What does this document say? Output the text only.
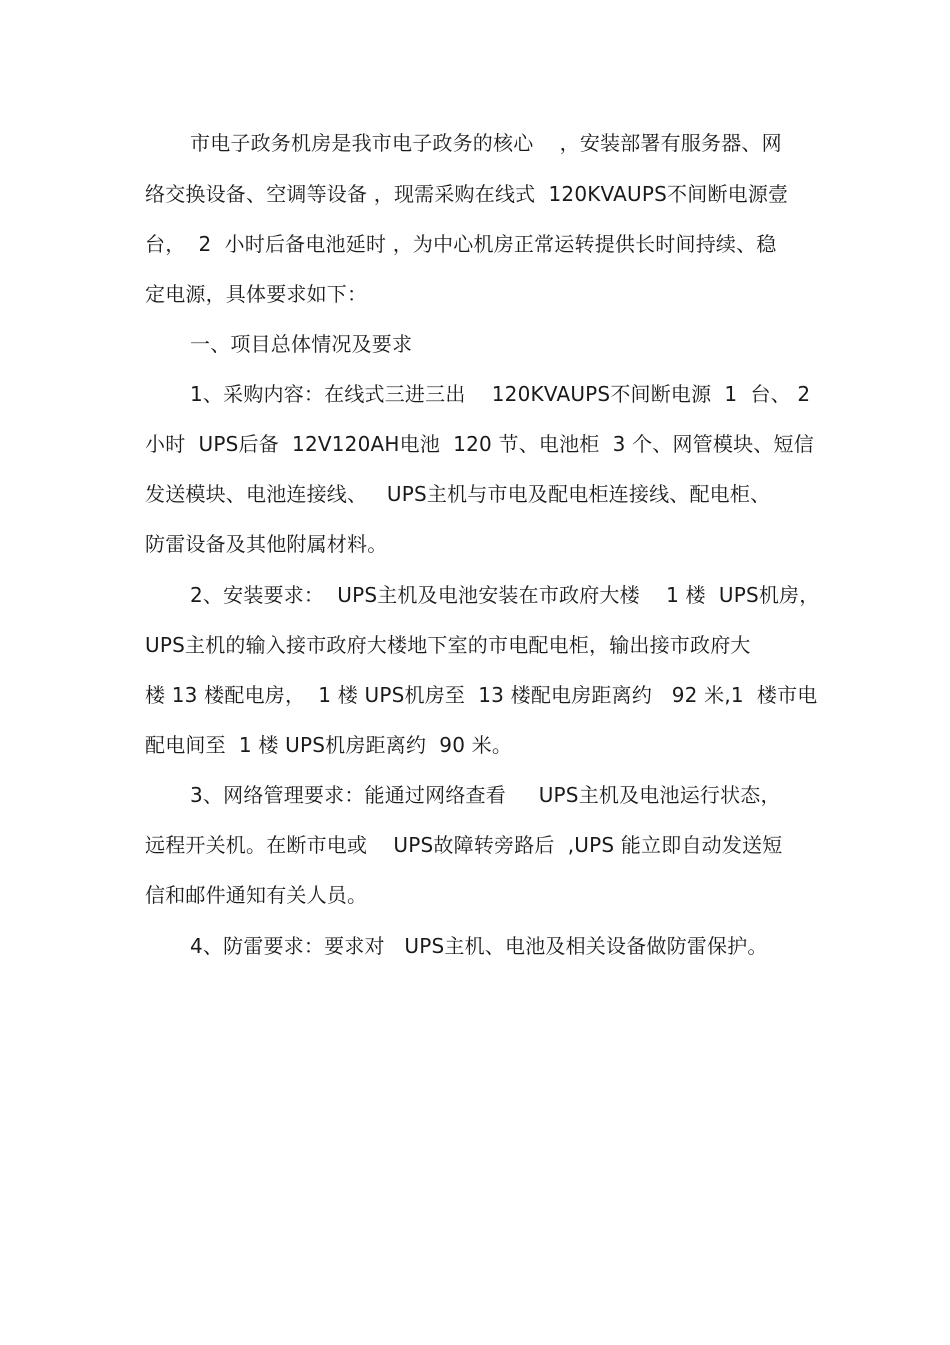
市电子政务机房是我市电子政务的核心    ，安装部署有服务器、网
络交换设备、空调等设备 ，现需采购在线式  120KVAUPS不间断电源壹
台，  2  小时后备电池延时 ，为中心机房正常运转提供长时间持续、稳
定电源，具体要求如下：
一、项目总体情况及要求
1、采购内容：在线式三进三出    120KVAUPS不间断电源  1  台、 2
小时  UPS后备  12V120AH电池  120 节、电池柜  3 个、网管模块、短信
发送模块、电池连接线、   UPS主机与市电及配电柜连接线、配电柜、
防雷设备及其他附属材料。
2、安装要求：  UPS主机及电池安装在市政府大楼    1 楼  UPS机房，
UPS主机的输入接市政府大楼地下室的市电配电柜，输出接市政府大
楼 13 楼配电房，  1 楼 UPS机房至  13 楼配电房距离约   92 米,1  楼市电
配电间至  1 楼 UPS机房距离约  90 米。
3、网络管理要求：能通过网络查看     UPS主机及电池运行状态，
远程开关机。在断市电或    UPS故障转旁路后  ,UPS 能立即自动发送短
信和邮件通知有关人员。
4、防雷要求：要求对   UPS主机、电池及相关设备做防雷保护。
